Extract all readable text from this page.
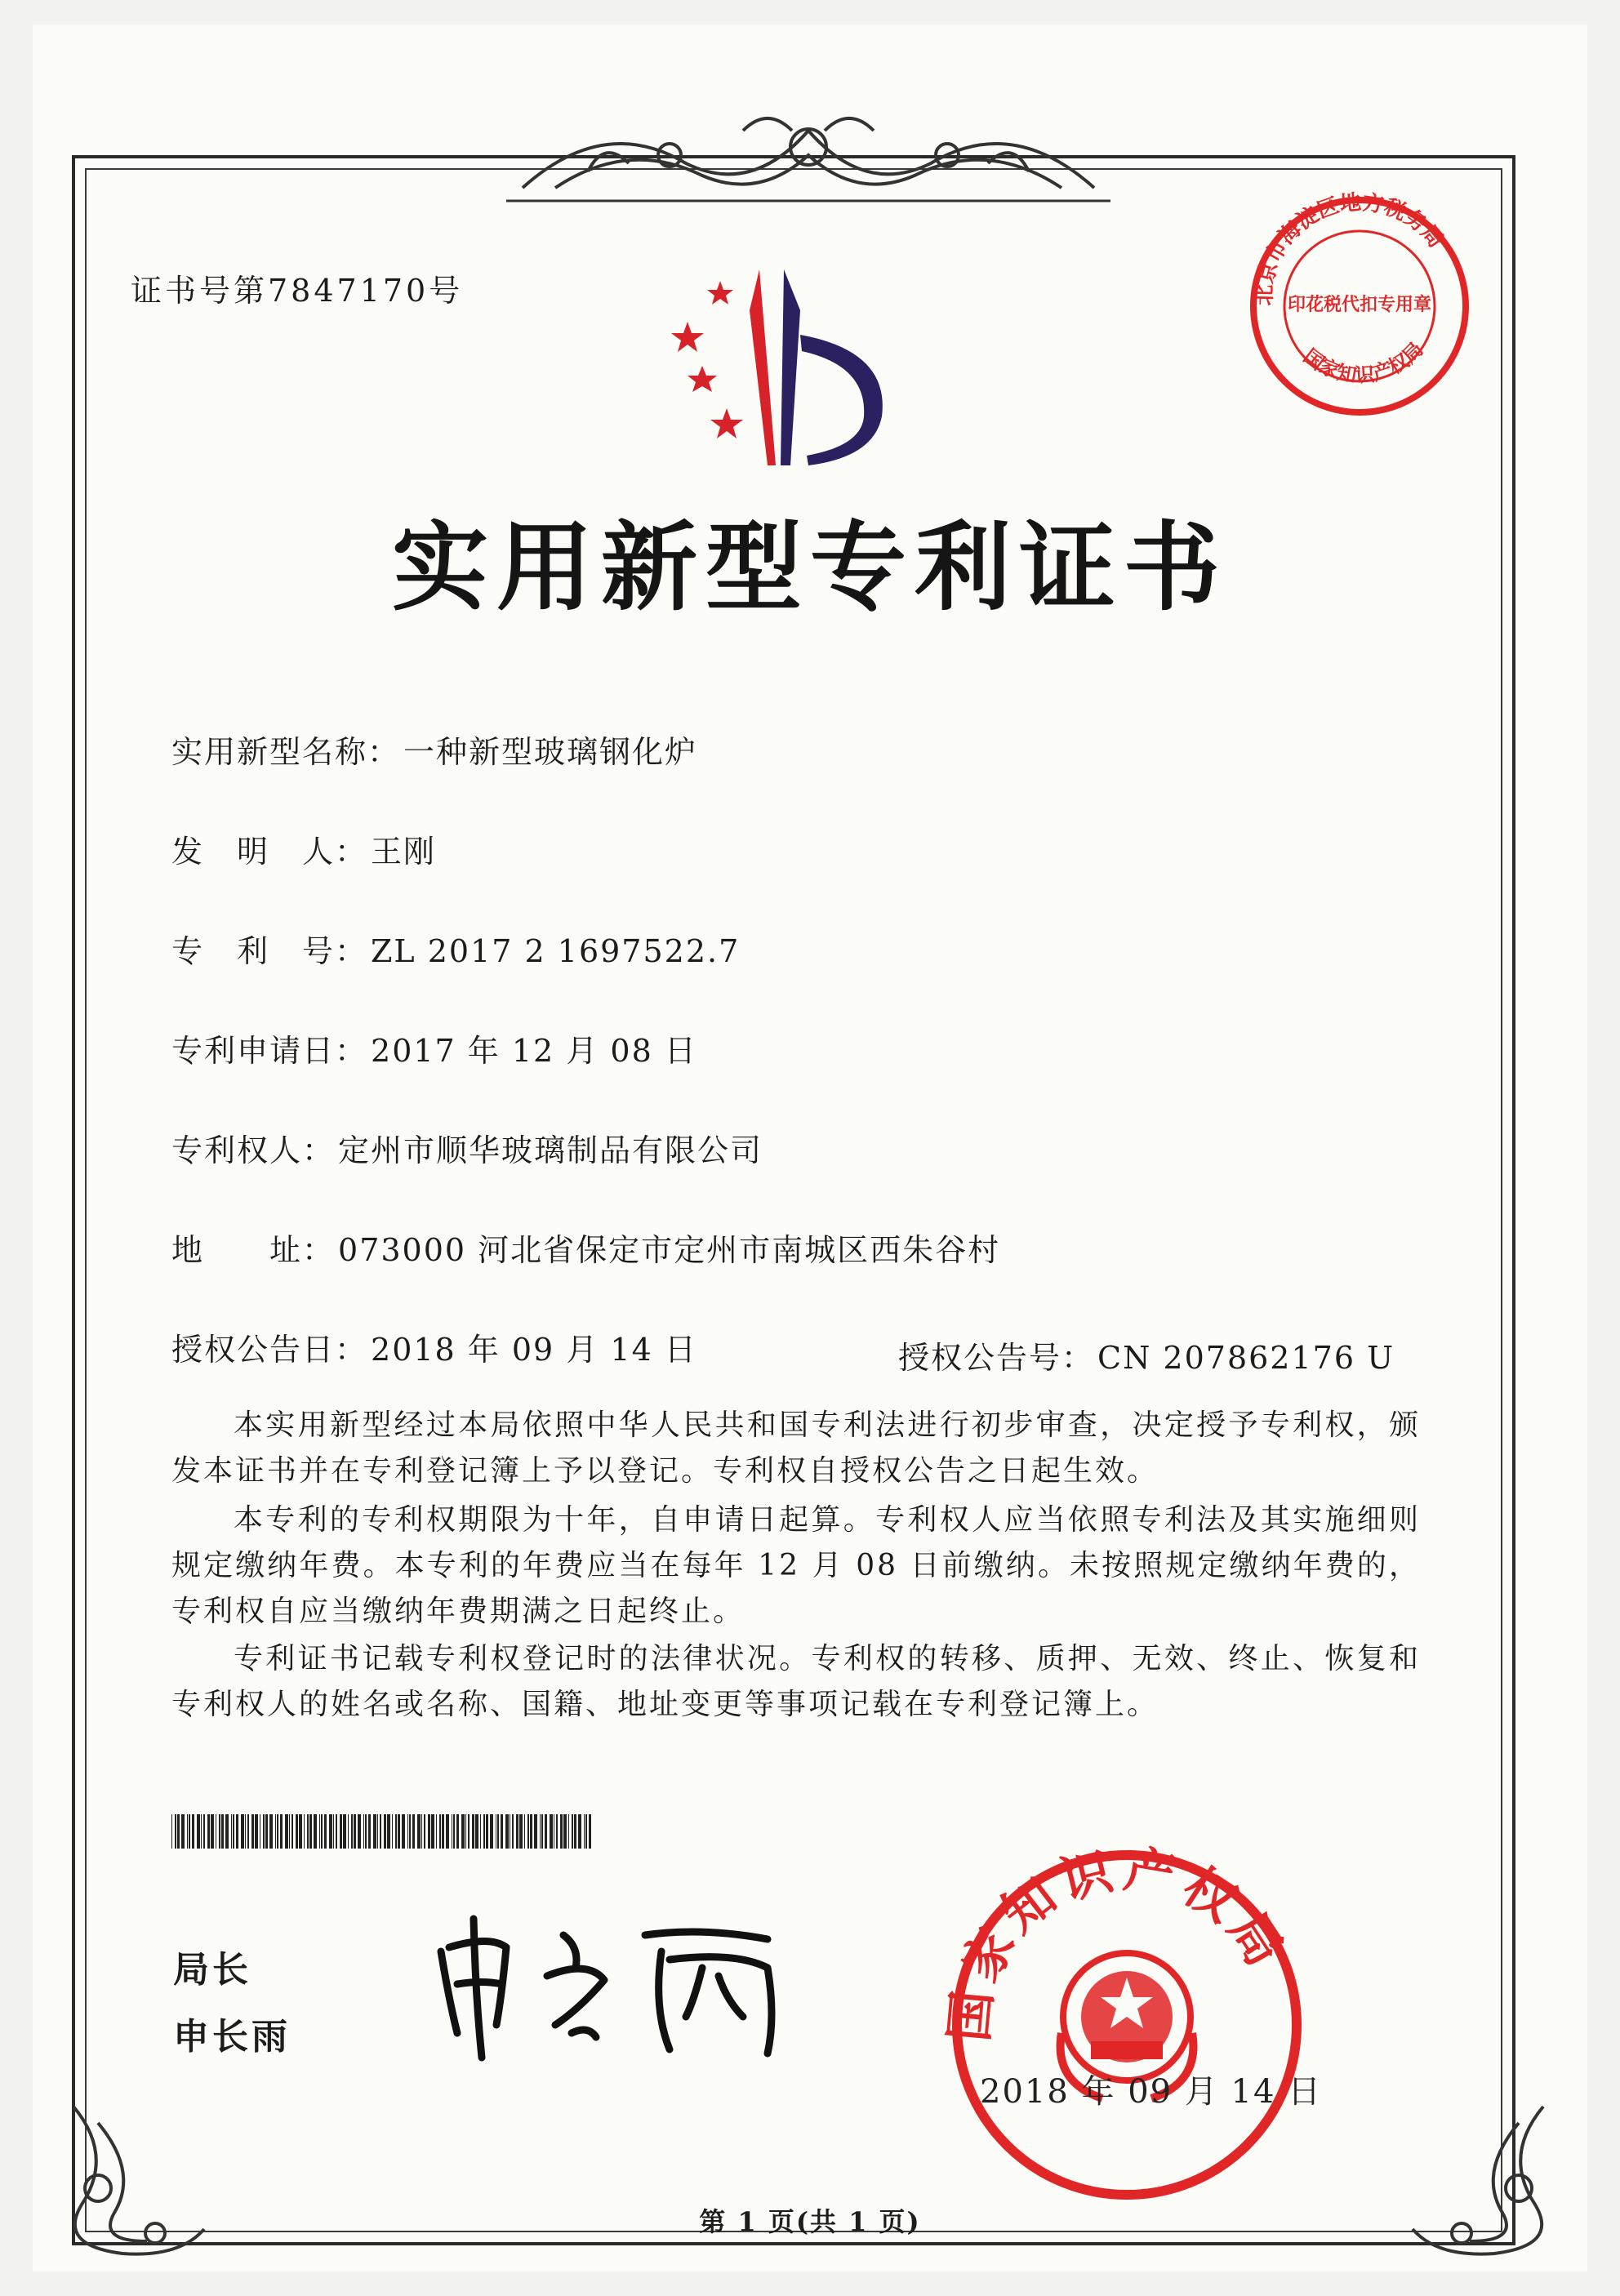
证书号第7847170号	北京市海淀区地方税务局
国家知识产权局
印花税代扣专用章
实用新型专利证书
实用新型名称： 一种新型玻璃钢化炉
发　明　人： 王刚
专　利　号： ZL 2017 2 1697522.7
专利申请日： 2017 年 12 月 08 日
专利权人： 定州市顺华玻璃制品有限公司
地　　址： 073000 河北省保定市定州市南城区西朱谷村
授权公告日： 2018 年 09 月 14 日	授权公告号： CN 207862176 U
本实用新型经过本局依照中华人民共和国专利法进行初步审查，决定授予专利权，颁发本证书并在专利登记簿上予以登记。专利权自授权公告之日起生效。
本专利的专利权期限为十年，自申请日起算。专利权人应当依照专利法及其实施细则规定缴纳年费。本专利的年费应当在每年 12 月 08 日前缴纳。未按照规定缴纳年费的，专利权自应当缴纳年费期满之日起终止。
专利证书记载专利权登记时的法律状况。专利权的转移、质押、无效、终止、恢复和专利权人的姓名或名称、国籍、地址变更等事项记载在专利登记簿上。
局长
申长雨	国家知识产权局
2018 年 09 月 14 日
第 1 页(共 1 页)
